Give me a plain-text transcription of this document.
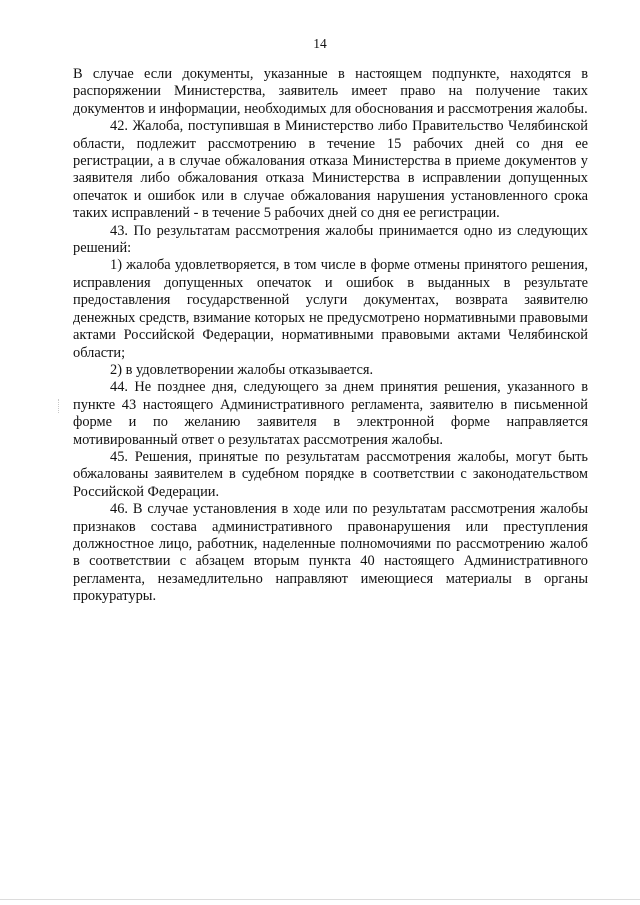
14

В случае если документы, указанные в настоящем подпункте, находятся в распоряжении Министерства, заявитель имеет право на получение таких документов и информации, необходимых для обоснования и рассмотрения жалобы.

42. Жалоба, поступившая в Министерство либо Правительство Челябинской области, подлежит рассмотрению в течение 15 рабочих дней со дня ее регистрации, а в случае обжалования отказа Министерства в приеме документов у заявителя либо обжалования отказа Министерства в исправлении допущенных опечаток и ошибок или в случае обжалования нарушения установленного срока таких исправлений - в течение 5 рабочих дней со дня ее регистрации.

43. По результатам рассмотрения жалобы принимается одно из следующих решений:

1) жалоба удовлетворяется, в том числе в форме отмены принятого решения, исправления допущенных опечаток и ошибок в выданных в результате предоставления государственной услуги документах, возврата заявителю денежных средств, взимание которых не предусмотрено нормативными правовыми актами Российской Федерации, нормативными правовыми актами Челябинской области;

2) в удовлетворении жалобы отказывается.

44. Не позднее дня, следующего за днем принятия решения, указанного в пункте 43 настоящего Административного регламента, заявителю в письменной форме и по желанию заявителя в электронной форме направляется мотивированный ответ о результатах рассмотрения жалобы.

45. Решения, принятые по результатам рассмотрения жалобы, могут быть обжалованы заявителем в судебном порядке в соответствии с законодательством Российской Федерации.

46. В случае установления в ходе или по результатам рассмотрения жалобы признаков состава административного правонарушения или преступления должностное лицо, работник, наделенные полномочиями по рассмотрению жалоб в соответствии с абзацем вторым пункта 40 настоящего Административного регламента, незамедлительно направляют имеющиеся материалы в органы прокуратуры.
